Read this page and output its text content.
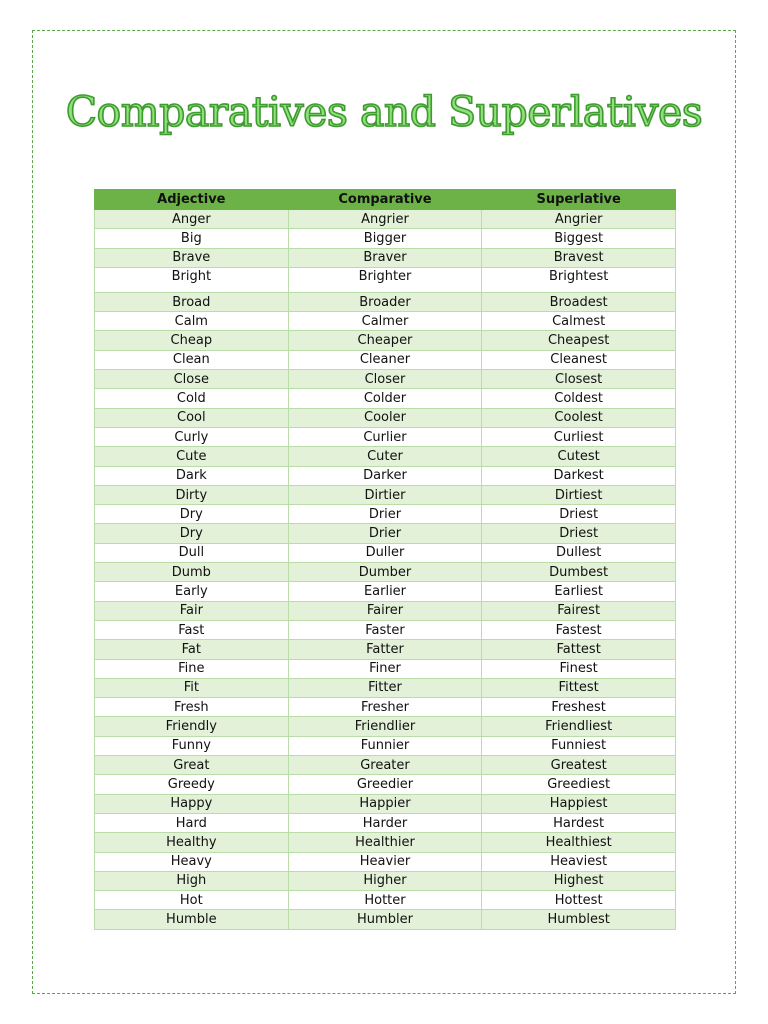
Comparatives and Superlatives
Adjective	Comparative	Superlative
Anger	Angrier	Angrier
Big	Bigger	Biggest
Brave	Braver	Bravest
Bright	Brighter	Brightest
Broad	Broader	Broadest
Calm	Calmer	Calmest
Cheap	Cheaper	Cheapest
Clean	Cleaner	Cleanest
Close	Closer	Closest
Cold	Colder	Coldest
Cool	Cooler	Coolest
Curly	Curlier	Curliest
Cute	Cuter	Cutest
Dark	Darker	Darkest
Dirty	Dirtier	Dirtiest
Dry	Drier	Driest
Dry	Drier	Driest
Dull	Duller	Dullest
Dumb	Dumber	Dumbest
Early	Earlier	Earliest
Fair	Fairer	Fairest
Fast	Faster	Fastest
Fat	Fatter	Fattest
Fine	Finer	Finest
Fit	Fitter	Fittest
Fresh	Fresher	Freshest
Friendly	Friendlier	Friendliest
Funny	Funnier	Funniest
Great	Greater	Greatest
Greedy	Greedier	Greediest
Happy	Happier	Happiest
Hard	Harder	Hardest
Healthy	Healthier	Healthiest
Heavy	Heavier	Heaviest
High	Higher	Highest
Hot	Hotter	Hottest
Humble	Humbler	Humblest
